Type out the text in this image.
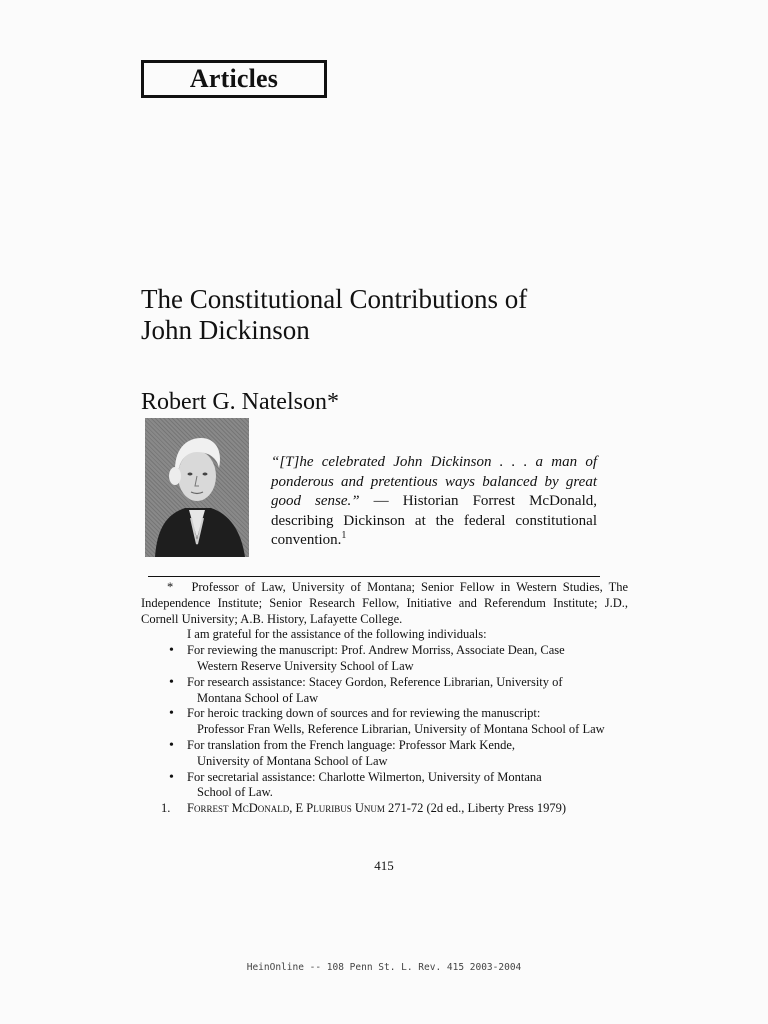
Articles
The Constitutional Contributions of
John Dickinson
Robert G. Natelson*
“[T]he celebrated John Dickinson . . . a man of ponderous and pretentious ways balanced by great good sense.” — Historian Forrest McDonald, describing Dickinson at the federal constitutional convention.$^1$

* Professor of Law, University of Montana; Senior Fellow in Western Studies, The Independence Institute; Senior Research Fellow, Initiative and Referendum Institute; J.D., Cornell University; A.B. History, Lafayette College.

I am grateful for the assistance of the following individuals:

• For reviewing the manuscript: Prof. Andrew Morriss, Associate Dean, Case
Western Reserve University School of Law
• For research assistance: Stacey Gordon, Reference Librarian, University of
Montana School of Law
• For heroic tracking down of sources and for reviewing the manuscript:
Professor Fran Wells, Reference Librarian, University of Montana School of Law
• For translation from the French language: Professor Mark Kende,
University of Montana School of Law
• For secretarial assistance: Charlotte Wilmerton, University of Montana
School of Law.

1. Forrest McDonald, E Pluribus Unum 271-72 (2d ed., Liberty Press 1979)

415
HeinOnline -- 108 Penn St. L. Rev. 415 2003-2004
